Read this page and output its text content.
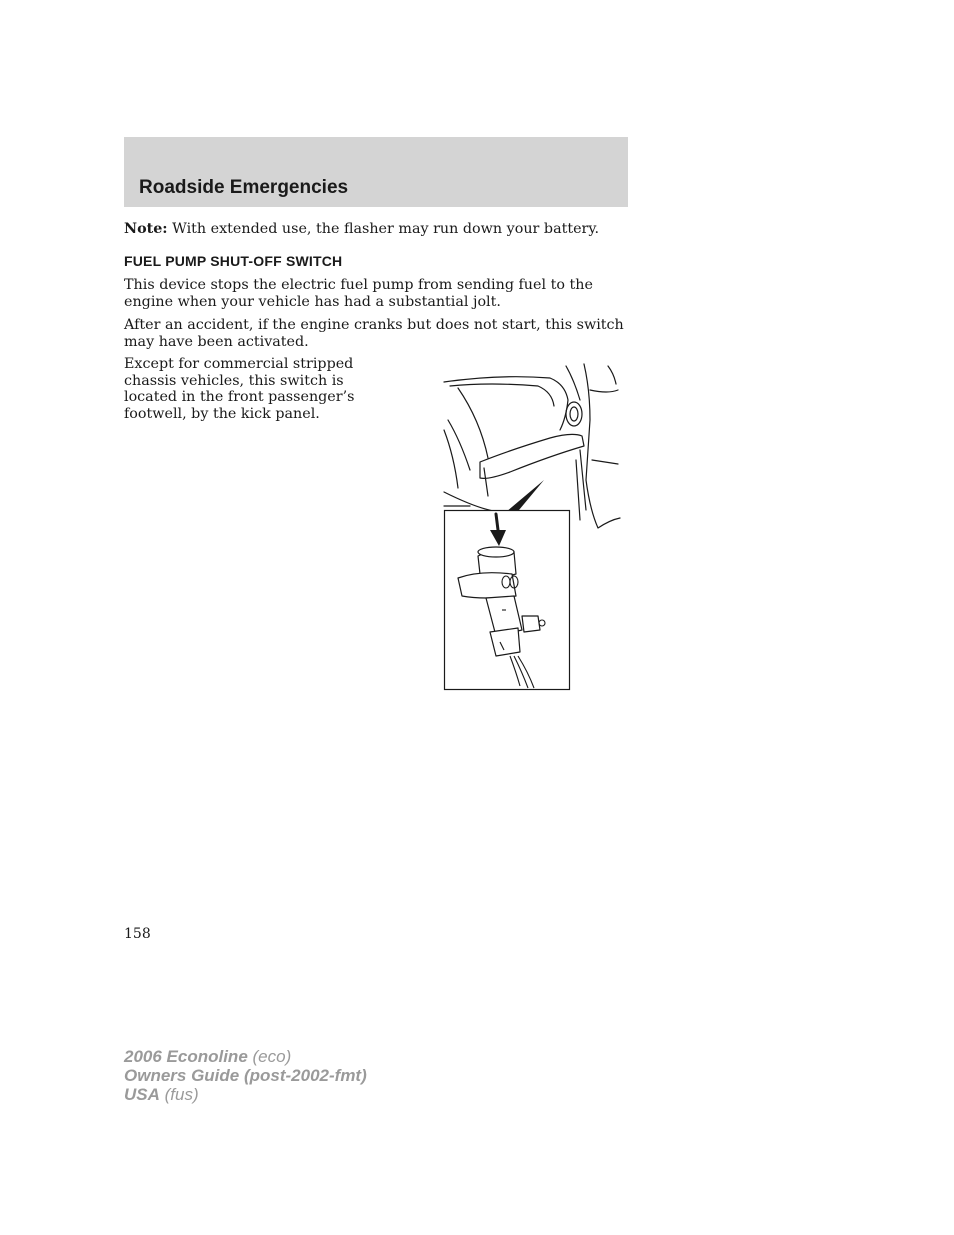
Roadside Emergencies
Note: With extended use, the flasher may run down your battery.
FUEL PUMP SHUT-OFF SWITCH

This device stops the electric fuel pump from sending fuel to the engine when your vehicle has had a substantial jolt.

After an accident, if the engine cranks but does not start, this switch may have been activated.

Except for commercial stripped chassis vehicles, this switch is located in the front passenger’s footwell, by the kick panel.

158
2006 Econoline (eco)
Owners Guide (post-2002-fmt)
USA (fus)
